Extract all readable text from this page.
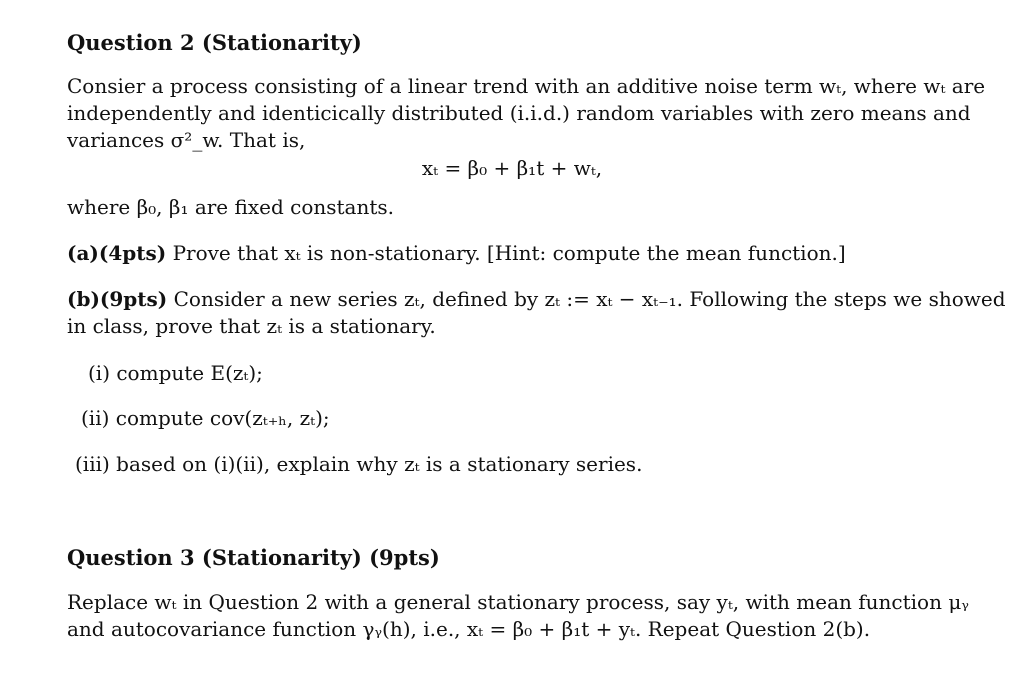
Question 2 (Stationarity)
Consier a process consisting of a linear trend with an additive noise term wₜ, where wₜ are
independently and identicically distributed (i.i.d.) random variables with zero means and
variances σ²_w. That is,
xₜ = β₀ + β₁t + wₜ,
where β₀, β₁ are fixed constants.
(a)(4pts) Prove that xₜ is non-stationary. [Hint: compute the mean function.]
(b)(9pts) Consider a new series zₜ, defined by zₜ := xₜ − xₜ₋₁. Following the steps we showed
in class, prove that zₜ is a stationary.
(i) compute E(zₜ);
(ii) compute cov(zₜ₊ₕ, zₜ);
(iii) based on (i)(ii), explain why zₜ is a stationary series.
Question 3 (Stationarity) (9pts)
Replace wₜ in Question 2 with a general stationary process, say yₜ, with mean function μᵧ
and autocovariance function γᵧ(h), i.e., xₜ = β₀ + β₁t + yₜ. Repeat Question 2(b).
